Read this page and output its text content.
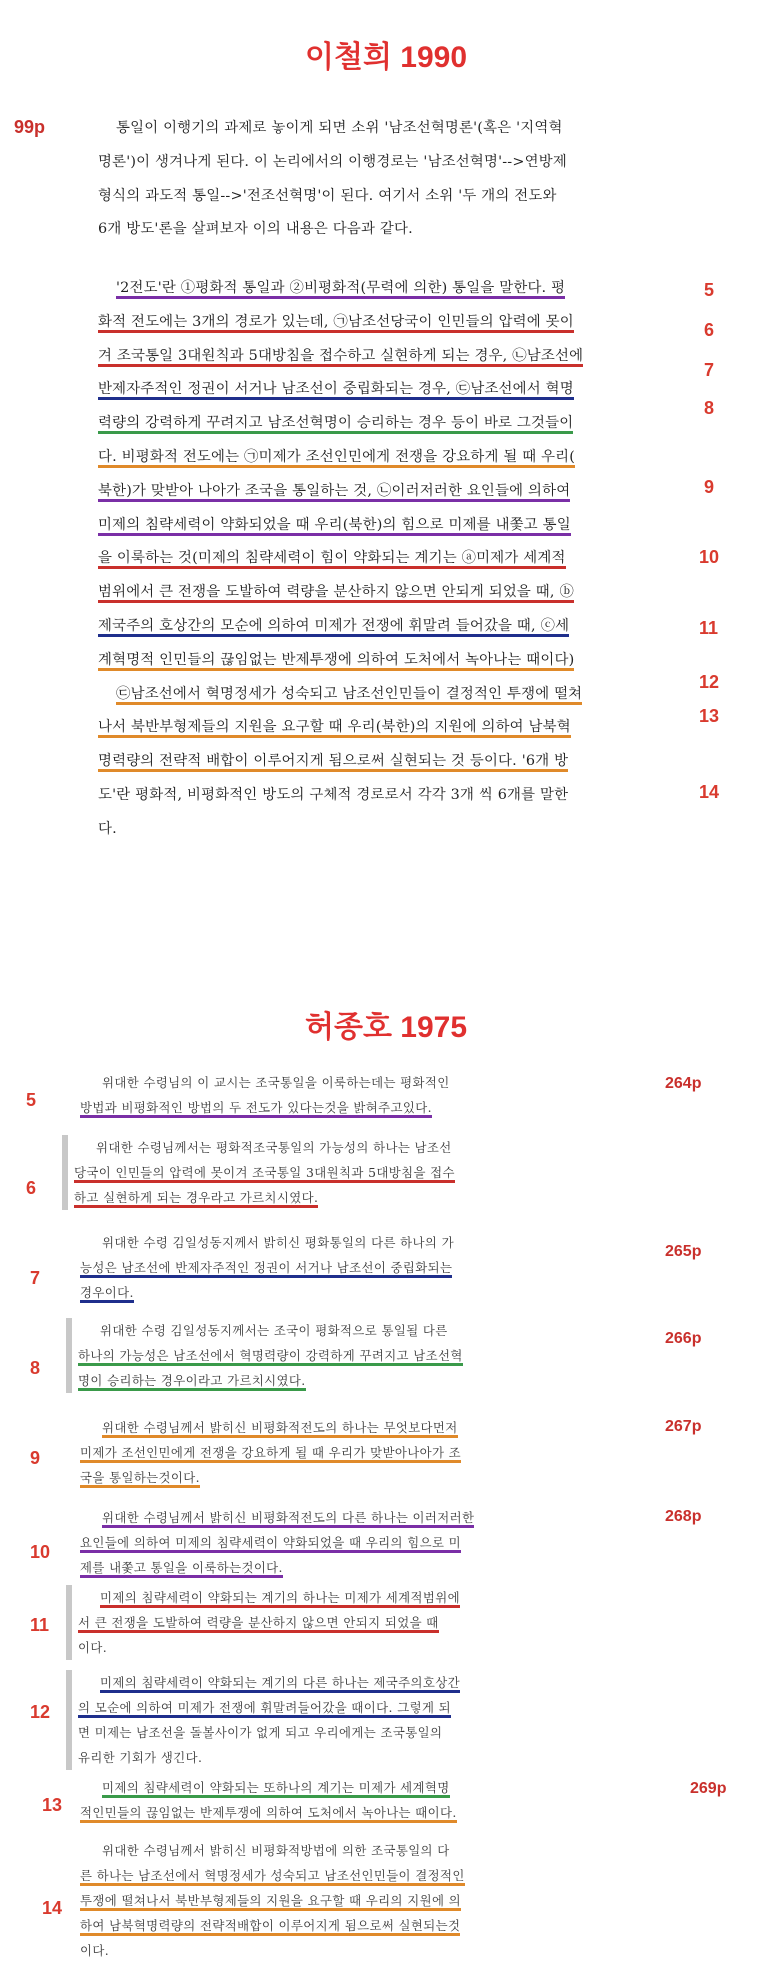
이철희 1990
99p	통일이 이행기의 과제로 놓이게 되면 소위 '남조선혁명론'(혹은 '지역혁
명론')이 생겨나게 된다. 이 논리에서의 이행경로는 '남조선혁명'-->연방제
형식의 과도적 통일-->'전조선혁명'이 된다. 여기서 소위 '두 개의 전도와
6개 방도'론을 살펴보자 이의 내용은 다음과 같다.
'2전도'란 ①평화적 통일과 ②비평화적(무력에 의한) 통일을 말한다. 평
화적 전도에는 3개의 경로가 있는데, ㉠남조선당국이 인민들의 압력에 못이
겨 조국통일 3대원칙과 5대방침을 접수하고 실현하게 되는 경우, ㉡남조선에
반제자주적인 정권이 서거나 남조선이 중립화되는 경우, ㉢남조선에서 혁명
력량의 강력하게 꾸려지고 남조선혁명이 승리하는 경우 등이 바로 그것들이
다. 비평화적 전도에는 ㉠미제가 조선인민에게 전쟁을 강요하게 될 때 우리(
북한)가 맞받아 나아가 조국을 통일하는 것, ㉡이러저러한 요인들에 의하여
미제의 침략세력이 약화되었을 때 우리(북한)의 힘으로 미제를 내쫓고 통일
을 이룩하는 것(미제의 침략세력이 힘이 약화되는 계기는 ⓐ미제가 세계적
범위에서 큰 전쟁을 도발하여 력량을 분산하지 않으면 안되게 되었을 때, ⓑ
제국주의 호상간의 모순에 의하여 미제가 전쟁에 휘말려 들어갔을 때, ⓒ세
계혁명적 인민들의 끊임없는 반제투쟁에 의하여 도처에서 녹아나는 때이다)
㉢남조선에서 혁명정세가 성숙되고 남조선인민들이 결정적인 투쟁에 떨쳐
나서 북반부형제들의 지원을 요구할 때 우리(북한)의 지원에 의하여 남북혁
명력량의 전략적 배합이 이루어지게 됨으로써 실현되는 것 등이다. '6개 방
도'란 평화적, 비평화적인 방도의 구체적 경로로서 각각 3개 씩 6개를 말한
다.
5
6
7
8
9
10
11
12
13
14
허종호 1975
5
264p
위대한 수령님의 이 교시는 조국통일을 이룩하는데는 평화적인
방법과 비평화적인 방법의 두 전도가 있다는것을 밝혀주고있다.
6
위대한 수령님께서는 평화적조국통일의 가능성의 하나는 남조선
당국이 인민들의 압력에 못이겨 조국통일 3대원칙과 5대방침을 접수
하고 실현하게 되는 경우라고 가르치시였다.
7
265p
위대한 수령 김일성동지께서 밝히신 평화통일의 다른 하나의 가
능성은 남조선에 반제자주적인 정권이 서거나 남조선이 중립화되는
경우이다.
8
266p
위대한 수령 김일성동지께서는 조국이 평화적으로 통일될 다른
하나의 가능성은 남조선에서 혁명력량이 강력하게 꾸려지고 남조선혁
명이 승리하는 경우이라고 가르치시였다.
9
267p
위대한 수령님께서 밝히신 비평화적전도의 하나는 무엇보다먼저
미제가 조선인민에게 전쟁을 강요하게 될 때 우리가 맞받아나아가 조
국을 통일하는것이다.
10
268p
위대한 수령님께서 밝히신 비평화적전도의 다른 하나는 이러저러한
요인들에 의하여 미제의 침략세력이 약화되었을 때 우리의 힘으로 미
제를 내쫓고 통일을 이룩하는것이다.
11
미제의 침략세력이 약화되는 계기의 하나는 미제가 세계적범위에
서 큰 전쟁을 도발하여 력량을 분산하지 않으면 안되지 되었을 때
이다.
12
미제의 침략세력이 약화되는 계기의 다른 하나는 제국주의호상간
의 모순에 의하여 미제가 전쟁에 휘말려들어갔을 때이다. 그렇게 되
면 미제는 남조선을 돌볼사이가 없게 되고 우리에게는 조국통일의
유리한 기회가 생긴다.
13
269p
미제의 침략세력이 약화되는 또하나의 계기는 미제가 세계혁명
적인민들의 끊임없는 반제투쟁에 의하여 도처에서 녹아나는 때이다.
14
위대한 수령님께서 밝히신 비평화적방법에 의한 조국통일의 다
른 하나는 남조선에서 혁명정세가 성숙되고 남조선인민들이 결정적인
투쟁에 떨쳐나서 북반부형제들의 지원을 요구할 때 우리의 지원에 의
하여 남북혁명력량의 전략적배합이 이루어지게 됨으로써 실현되는것
이다.
